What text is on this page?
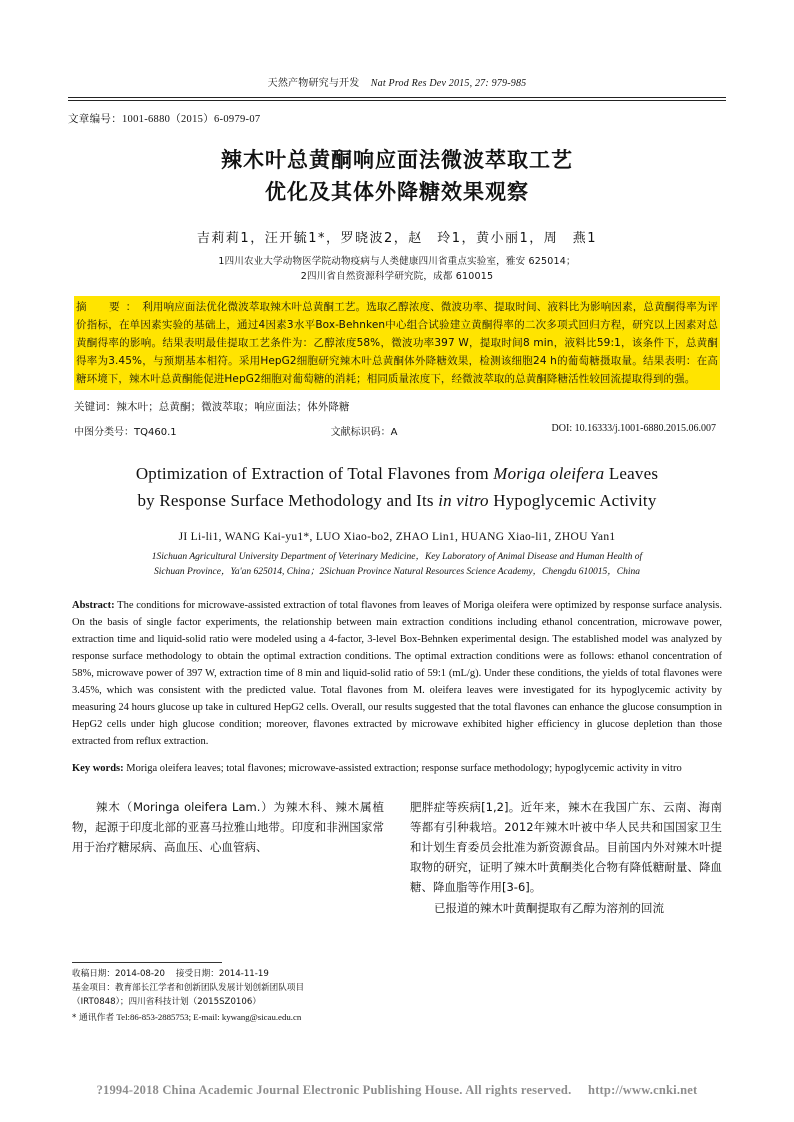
天然产物研究与开发 Nat Prod Res Dev 2015, 27: 979-985
文章编号：1001-6880（2015）6-0979-07
辣木叶总黄酮响应面法微波萃取工艺
优化及其体外降糖效果观察
吉莉莉1，汪开毓1*，罗晓波2，赵　玲1，黄小丽1，周　燕1
1四川农业大学动物医学院动物疫病与人类健康四川省重点实验室，雅安 625014；
2四川省自然资源科学研究院，成都 610015
摘　要：利用响应面法优化微波萃取辣木叶总黄酮工艺。选取乙醇浓度、微波功率、提取时间、液料比为影响因素，总黄酮得率为评价指标，在单因素实验的基础上，通过4因素3水平Box-Behnken中心组合试验建立黄酮得率的二次多项式回归方程，研究以上因素对总黄酮得率的影响。结果表明最佳提取工艺条件为：乙醇浓度58%，微波功率397 W，提取时间8 min，液料比59:1，该条件下，总黄酮得率为3.45%，与预期基本相符。采用HepG2细胞研究辣木叶总黄酮体外降糖效果，检测该细胞24 h的葡萄糖摄取量。结果表明：在高糖环境下，辣木叶总黄酮能促进HepG2细胞对葡萄糖的消耗；相同质量浓度下，经微波萃取的总黄酮降糖活性较回流提取得到的强。
关键词：辣木叶；总黄酮；微波萃取；响应面法；体外降糖
中图分类号：TQ460.1	文献标识码：A	DOI: 10.16333/j.1001-6880.2015.06.007
Optimization of Extraction of Total Flavones from Moriga oleifera Leaves
by Response Surface Methodology and Its in vitro Hypoglycemic Activity
JI Li-li1, WANG Kai-yu1*, LUO Xiao-bo2, ZHAO Lin1, HUANG Xiao-li1, ZHOU Yan1
1Sichuan Agricultural University Department of Veterinary Medicine，Key Laboratory of Animal Disease and Human Health of
Sichuan Province，Ya'an 625014, China；2Sichuan Province Natural Resources Science Academy，Chengdu 610015，China
Abstract: The conditions for microwave-assisted extraction of total flavones from leaves of Moriga oleifera were optimized by response surface analysis. On the basis of single factor experiments, the relationship between main extraction conditions including ethanol concentration, microwave power, extraction time and liquid-solid ratio were modeled using a 4-factor, 3-level Box-Behnken experimental design. The established model was analyzed by response surface methodology to obtain the optimal extraction conditions. The optimal extraction conditions were as follows: ethanol concentration of 58%, microwave power of 397 W, extraction time of 8 min and liquid-solid ratio of 59:1 (mL/g). Under these conditions, the yields of total flavones were 3.45%, which was consistent with the predicted value. Total flavones from M. oleifera leaves were investigated for its hypoglycemic activity by measuring 24 hours glucose up take in cultured HepG2 cells. Overall, our results suggested that the total flavones can enhance the glucose consumption in HepG2 cells under high glucose condition; moreover, flavones extracted by microwave exhibited higher efficiency in glucose depletion than those extracted from reflux extraction.
Key words: Moriga oleifera leaves; total flavones; microwave-assisted extraction; response surface methodology; hypoglycemic activity in vitro
辣木（Moringa oleifera Lam.）为辣木科、辣木属植物，起源于印度北部的亚喜马拉雅山地带。印度和非洲国家常用于治疗糖尿病、高血压、心血管病、
肥胖症等疾病[1,2]。近年来，辣木在我国广东、云南、海南等都有引种栽培。2012年辣木叶被中华人民共和国国家卫生和计划生育委员会批准为新资源食品。目前国内外对辣木叶提取物的研究，证明了辣木叶黄酮类化合物有降低糖耐量、降血糖、降血脂等作用[3-6]。
已报道的辣木叶黄酮提取有乙醇为溶剂的回流
收稿日期：2014-08-20 接受日期：2014-11-19
基金项目：教育部长江学者和创新团队发展计划创新团队项目
（IRT0848）；四川省科技计划（2015SZ0106）
* 通讯作者 Tel:86-853-2885753; E-mail: kywang@sicau.edu.cn
?1994-2018 China Academic Journal Electronic Publishing House. All rights reserved. http://www.cnki.net
